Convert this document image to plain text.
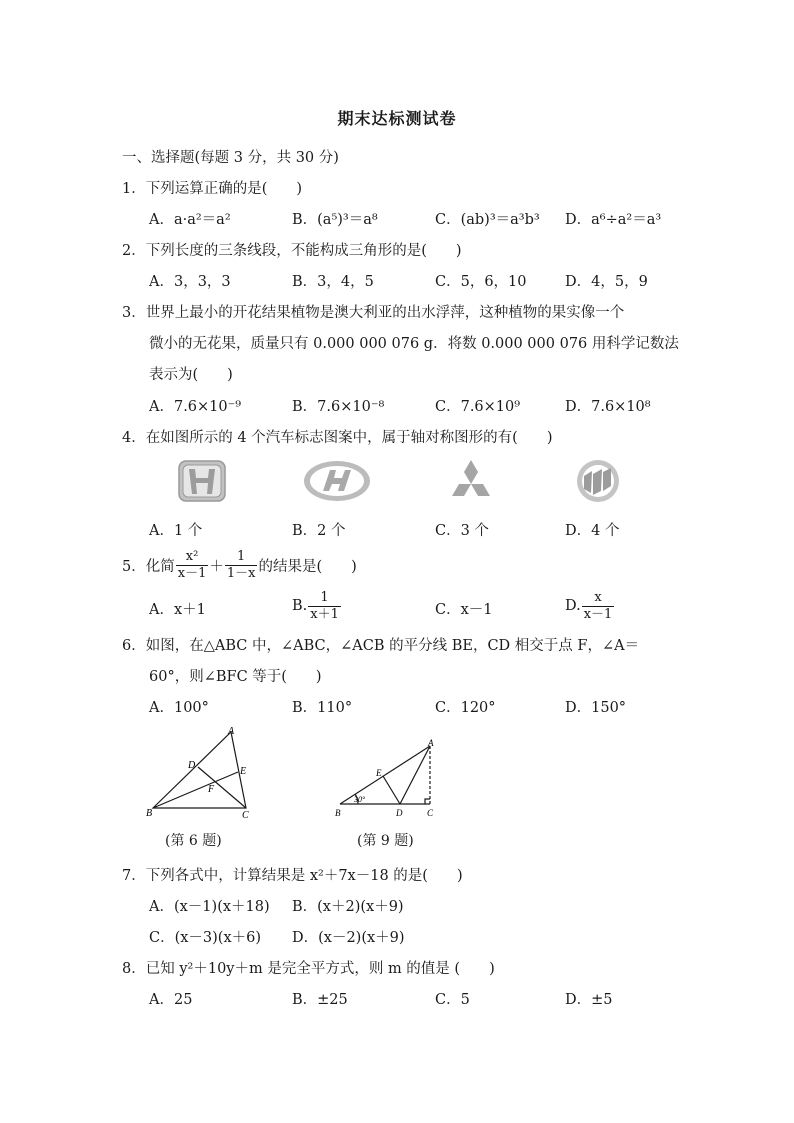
期末达标测试卷
一、选择题(每题 3 分，共 30 分)
1．下列运算正确的是(　　)
A．a·a²＝a²	B．(a⁵)³＝a⁸	C．(ab)³＝a³b³ D．a⁶÷a²＝a³
2．下列长度的三条线段，不能构成三角形的是(　　)
A．3，3，3	B．3，4，5	C．5，6，10	D．4，5，9
3．世界上最小的开花结果植物是澳大利亚的出水浮萍，这种植物的果实像一个
微小的无花果，质量只有 0.000 000 076 g．将数 0.000 000 076 用科学记数法
表示为(　　)
A．7.6×10⁻⁹	B．7.6×10⁻⁸	C．7.6×10⁹	D．7.6×10⁸
4．在如图所示的 4 个汽车标志图案中，属于轴对称图形的有(　　)
A．1 个	B．2 个	C．3 个	D．4 个
5．化简 $\frac{\text{x²}}{x-1} + \frac{1}{1-x}$ 的结果是(　　)
A．x＋1	B. $\frac{1}{x+1}$	C．x－1	D. $\frac{x}{x-1}$
6．如图，在△ABC 中，∠ABC，∠ACB 的平分线 BE，CD 相交于点 F，∠A＝
60°，则∠BFC 等于(　　)
A．100°	B．110°	C．120°	D．150°
A
B	C
D
E
F
(第 6 题)
A
B	C
D
E
30°
(第 9 题)
7．下列各式中，计算结果是 x²＋7x－18 的是(　　)
A．(x－1)(x＋18) B．(x＋2)(x＋9)
C．(x－3)(x＋6) D．(x－2)(x＋9)
8．已知 y²＋10y＋m 是完全平方式，则 m 的值是 (　　)
A．25	B．±25	C．5	D．±5
